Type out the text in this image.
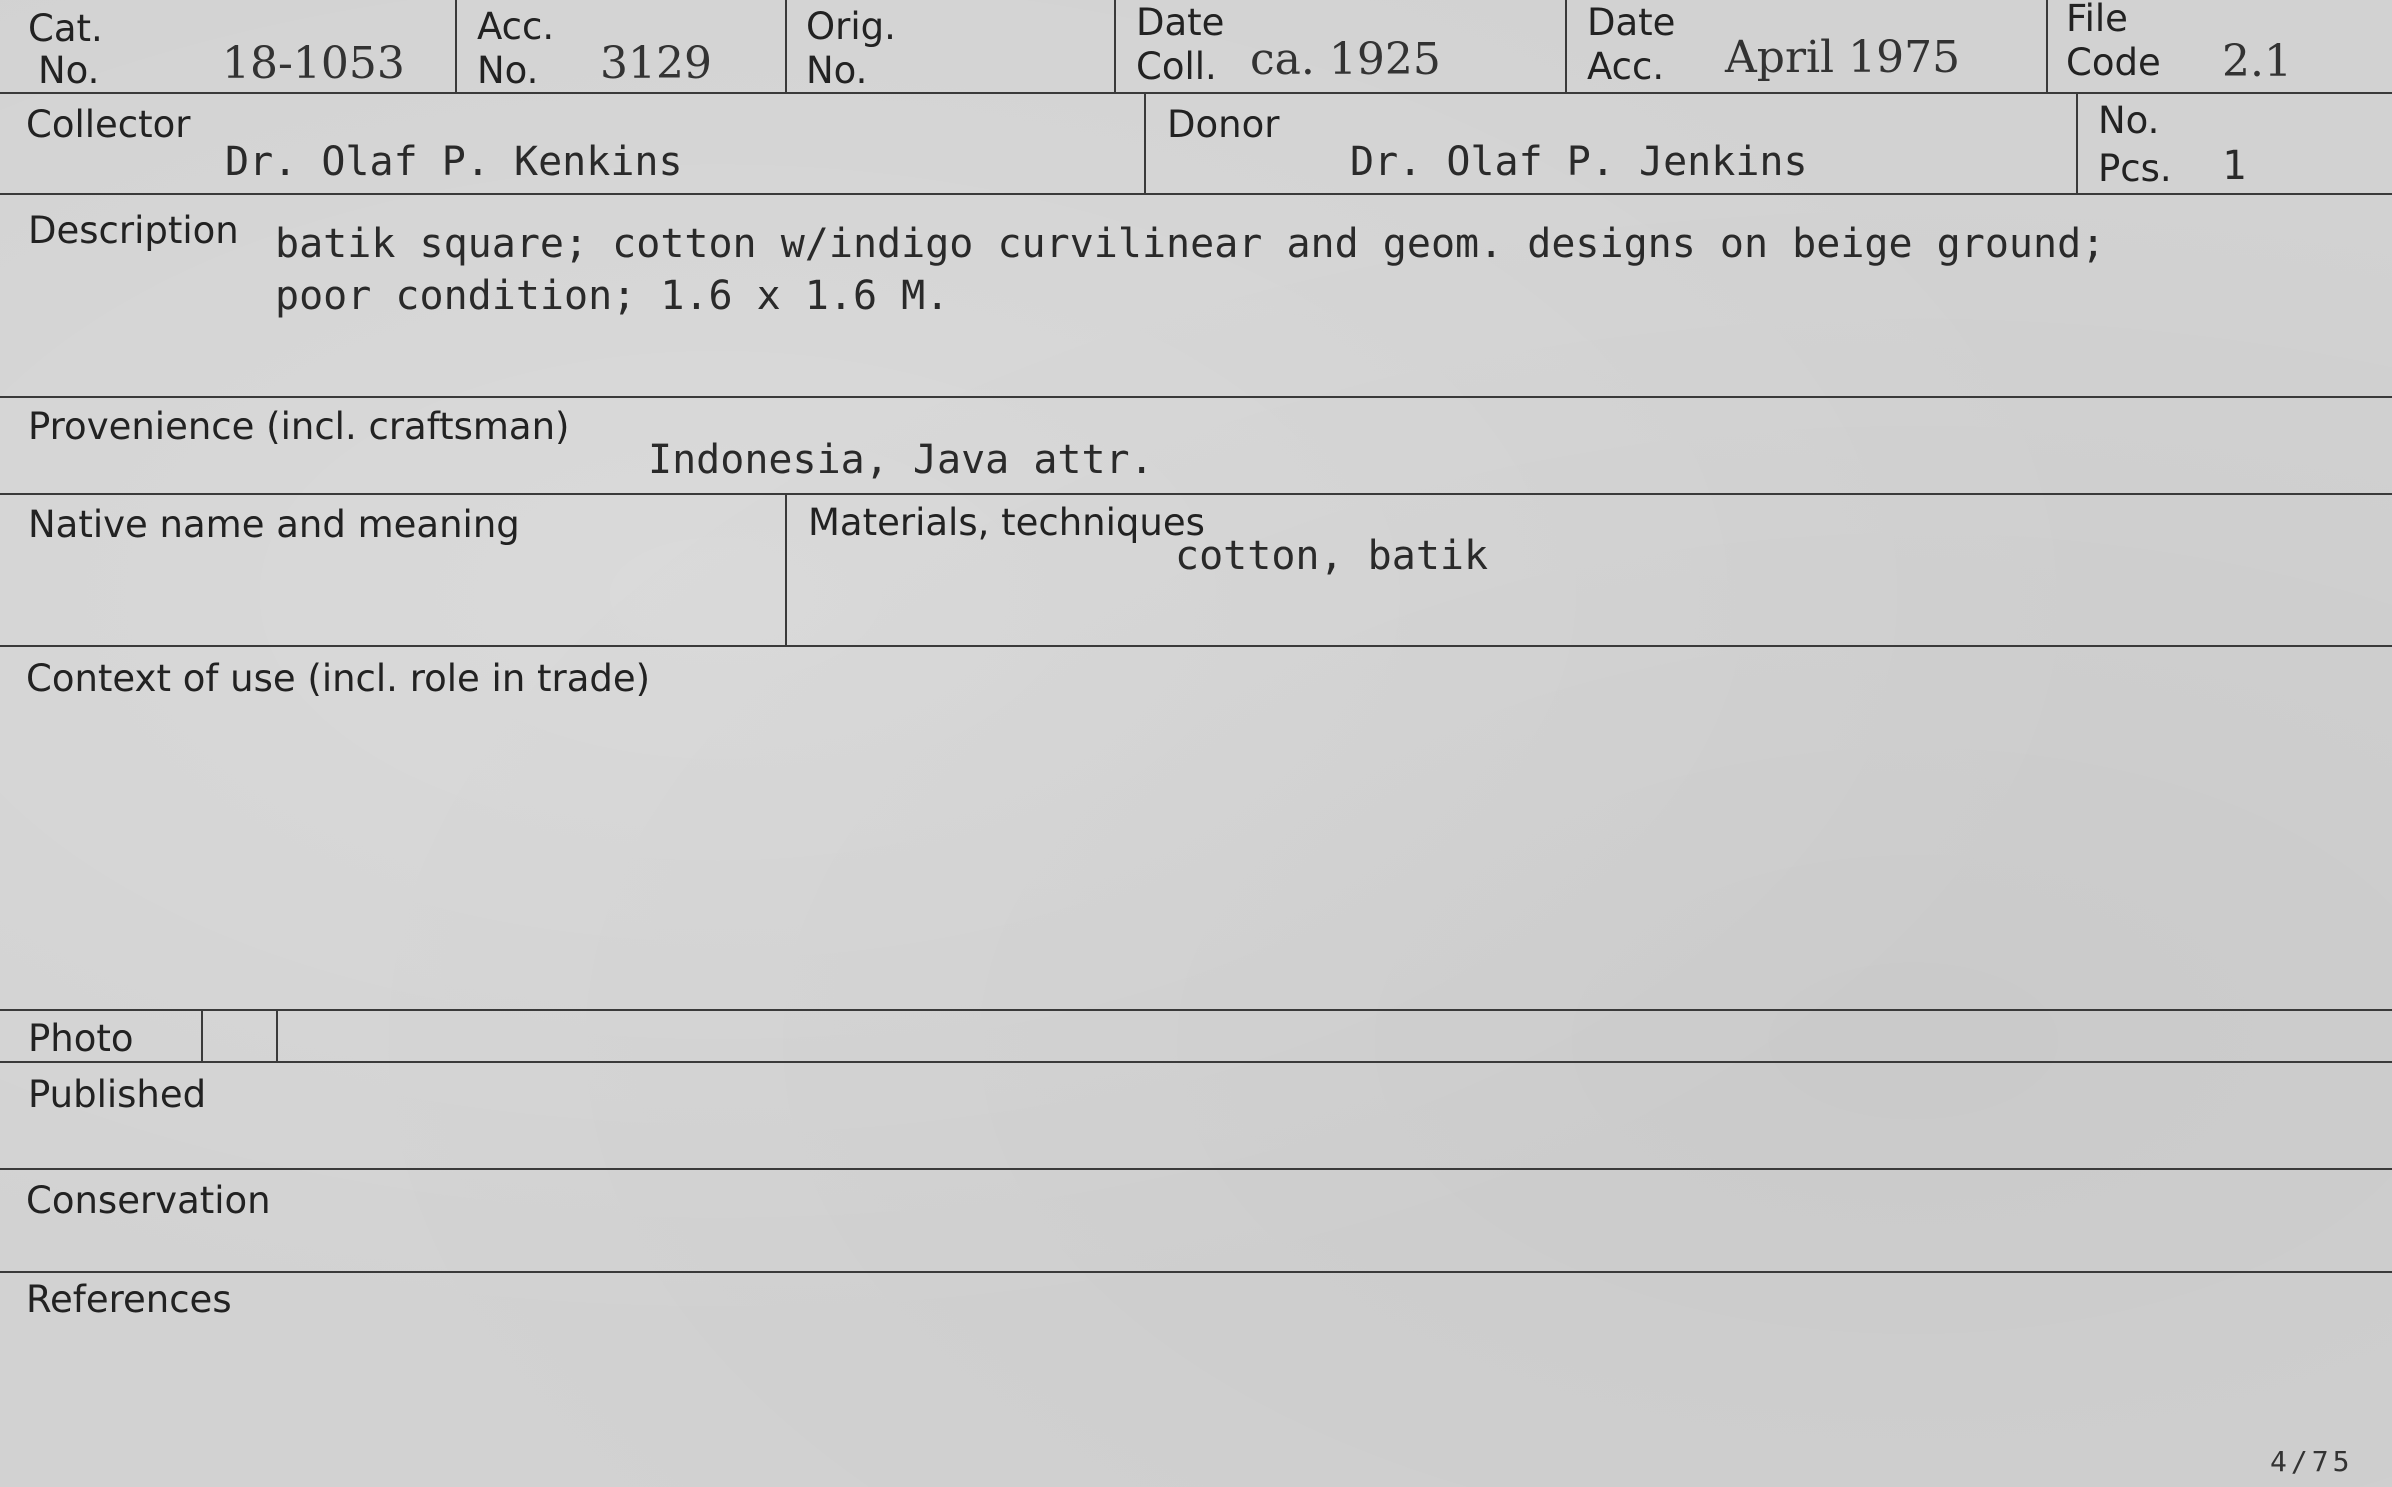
Cat.
No.	18-1053
Acc.
No. 3129
Orig.
No.
Date
Coll. ca. 1925
Date
Acc. April 1975
File
Code 2.1
Collector
Dr. Olaf P. Kenkins
Donor
Dr. Olaf P. Jenkins
No.
Pcs. 1
Description batik square; cotton w/indigo curvilinear and geom. designs on beige ground;
poor condition; 1.6 x 1.6 M.
Provenience (incl. craftsman)
Indonesia, Java attr.
Native name and meaning	Materials, techniques
cotton, batik
Context of use (incl. role in trade)
Photo
Published
Conservation
References
4/75
